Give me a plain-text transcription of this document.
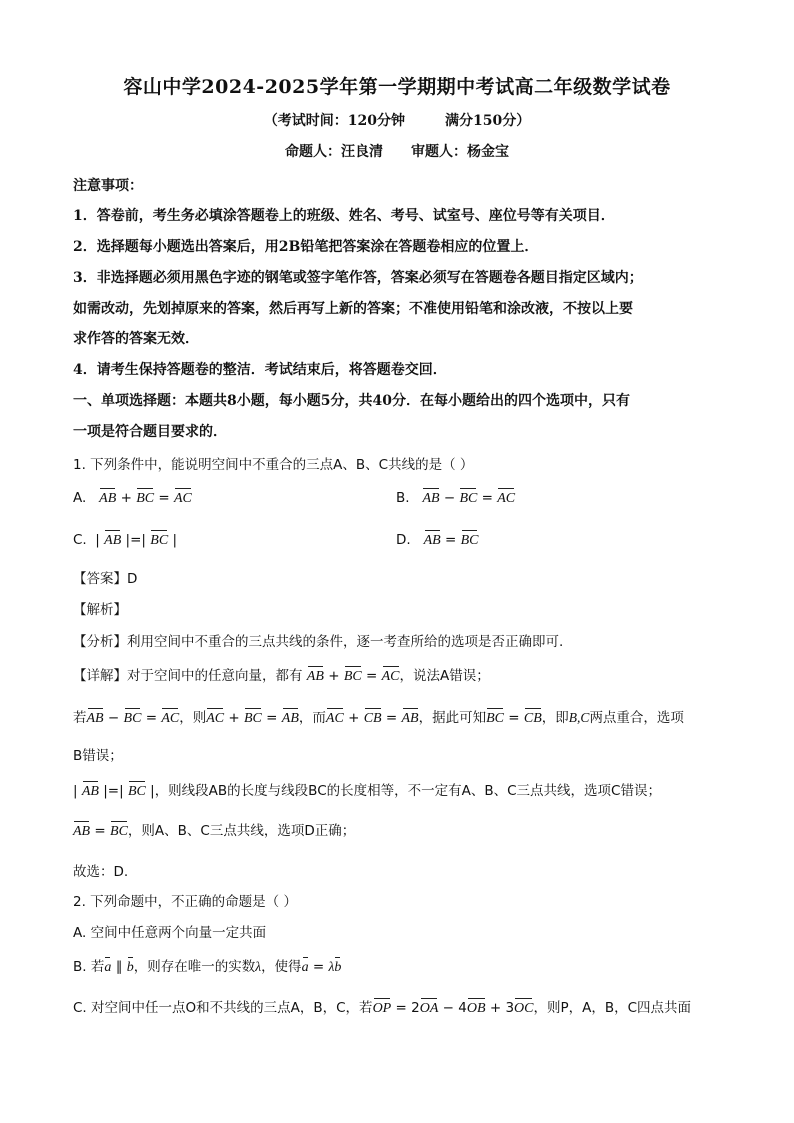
容山中学2024-2025学年第一学期期中考试高二年级数学试卷
（考试时间：120分钟	满分150分）
命题人：汪良清 审题人：杨金宝
注意事项：
1．答卷前，考生务必填涂答题卷上的班级、姓名、考号、试室号、座位号等有关项目．
2．选择题每小题选出答案后，用2B铅笔把答案涂在答题卷相应的位置上．
3．非选择题必须用黑色字迹的钢笔或签字笔作答，答案必须写在答题卷各题目指定区域内；
如需改动，先划掉原来的答案，然后再写上新的答案；不准使用铅笔和涂改液，不按以上要
求作答的答案无效．
4．请考生保持答题卷的整洁．考试结束后，将答题卷交回．
一、单项选择题：本题共8小题，每小题5分，共40分．在每小题给出的四个选项中，只有
一项是符合题目要求的．
1. 下列条件中，能说明空间中不重合的三点A、B、C共线的是（ ）
A. AB + BC = AC	B. AB − BC = AC
C.  | AB |=| BC |	D. AB = BC
【答案】D
【解析】
【分析】利用空间中不重合的三点共线的条件，逐一考查所给的选项是否正确即可.
【详解】对于空间中的任意向量，都有 AB + BC = AC，说法A错误；
若AB − BC = AC，则AC + BC = AB，而AC + CB = AB，据此可知BC = CB，即B,C两点重合，选项
B错误；
| AB |=| BC |，则线段AB的长度与线段BC的长度相等，不一定有A、B、C三点共线，选项C错误；
AB = BC，则A、B、C三点共线，选项D正确；
故选：D.
2. 下列命题中，不正确的命题是（ ）
A. 空间中任意两个向量一定共面
B. 若a ∥ b，则存在唯一的实数λ，使得a = λb
C. 对空间中任一点O和不共线的三点A，B，C，若OP = 2OA − 4OB + 3OC，则P，A，B，C四点共面
